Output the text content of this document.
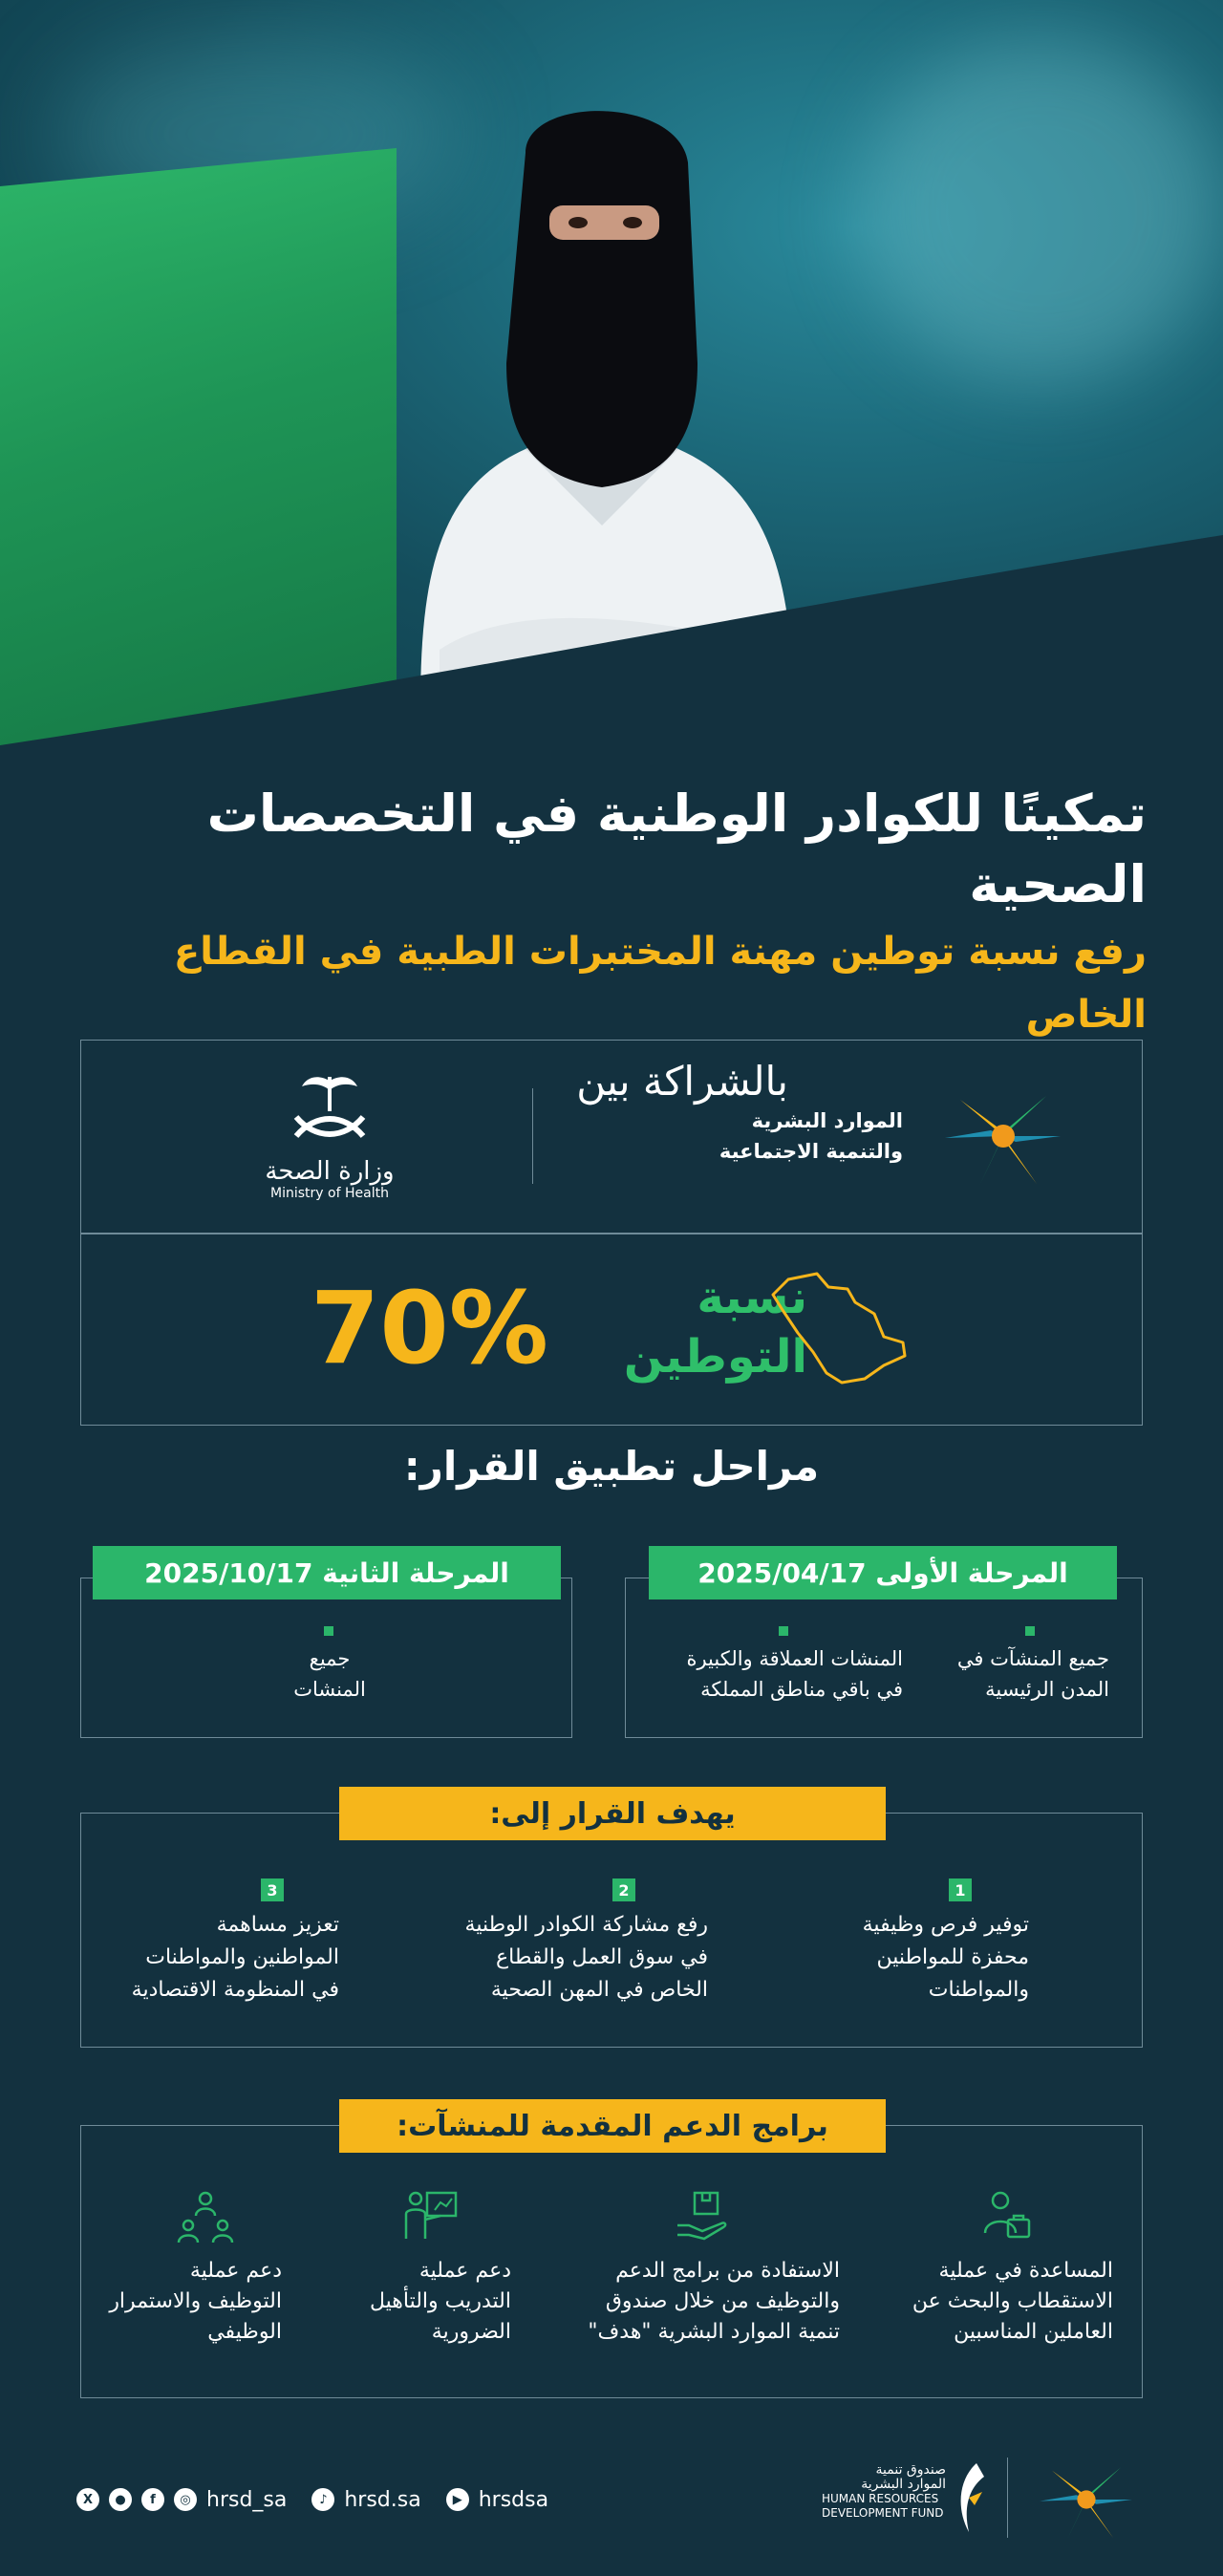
تمكينًا للكوادر الوطنية في التخصصات الصحية
رفع نسبة توطين مهنة المختبرات الطبية في القطاع الخاص
بالشراكة بين
وزارة الصحة
Ministry of Health
الموارد البشرية
والتنمية الاجتماعية
70%	نسبة
التوطين
مراحل تطبيق القرار:
المرحلة الأولى 2025/04/17
جميع المنشآت في
المدن الرئيسية
المنشات العملاقة والكبيرة
في باقي مناطق المملكة
المرحلة الثانية 2025/10/17
جميع
المنشات
يهدف القرار إلى:
1
توفير فرص وظيفية
محفزة للمواطنين
والمواطنات
2
رفع مشاركة الكوادر الوطنية
في سوق العمل والقطاع
الخاص في المهن الصحية
3
تعزيز مساهمة
المواطنين والمواطنات
في المنظومة الاقتصادية
برامج الدعم المقدمة للمنشآت:
المساعدة في عملية
الاستقطاب والبحث عن
العاملين المناسبين
الاستفادة من برامج الدعم
والتوظيف من خلال صندوق
تنمية الموارد البشرية "هدف"
دعم عملية
التدريب والتأهيل
الضرورية
دعم عملية
التوظيف والاستمرار
الوظيفي
X	●	f	◎ hrsd_sa	♪ hrsd.sa	▶ hrsdsa
صندوق تنمية
الموارد البشرية
HUMAN RESOURCES
DEVELOPMENT FUND
